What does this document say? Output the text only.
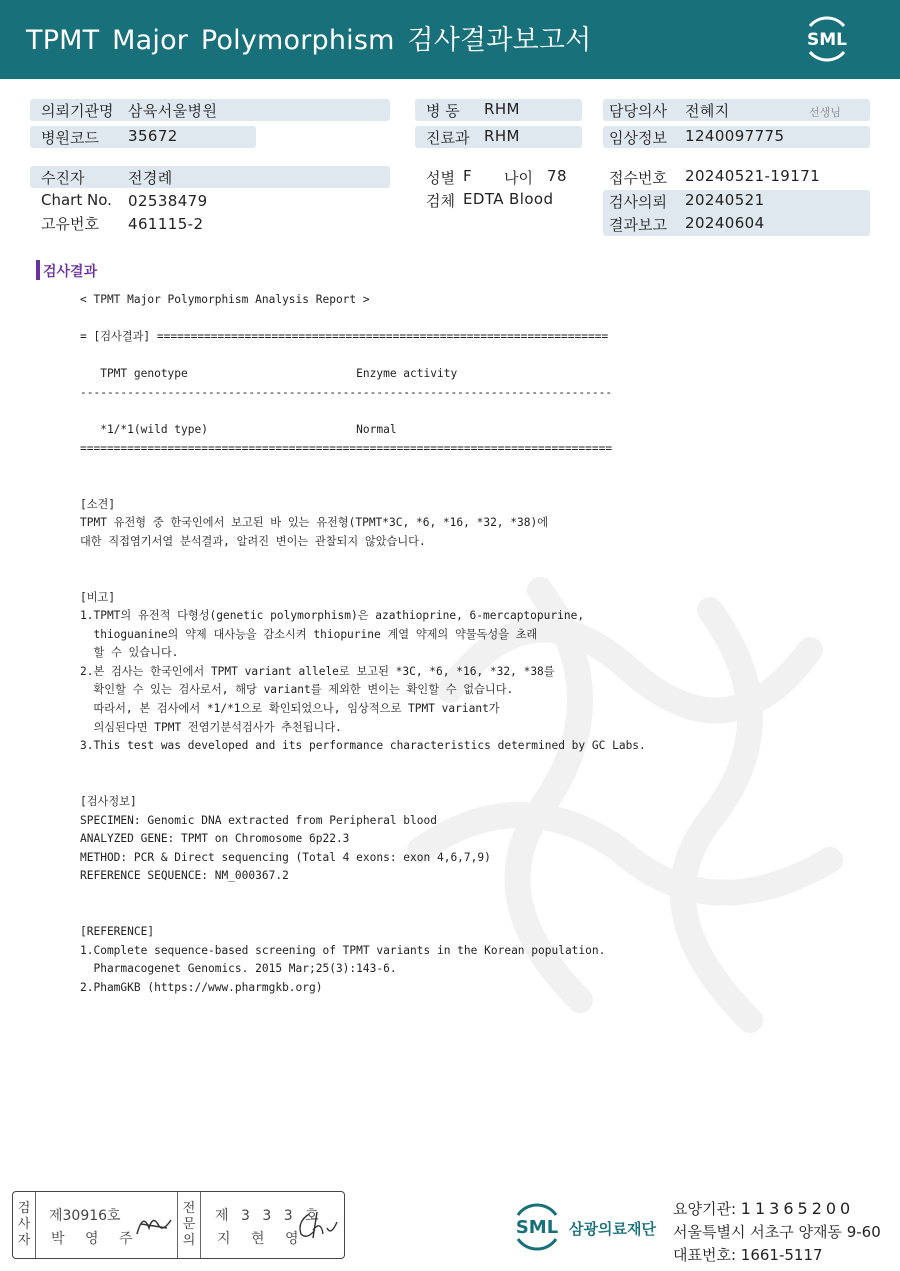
TPMT Major Polymorphism 검사결과보고서	SML
의뢰기관명 삼육서울병원
병원코드 35672
수진자	전경례
Chart No. 02538479
고유번호 461115-2
병 동 RHM
진료과 RHM
성별 F 나이 78
검체 EDTA Blood
담당의사 전혜지	선생님
임상정보 1240097775
접수번호 20240521-19171
검사의뢰 20240521
결과보고 20240604
검사결과
< TPMT Major Polymorphism Analysis Report >

= [검사결과] ===================================================================

TPMT genotype                         Enzyme activity
-------------------------------------------------------------------------------

*1/*1(wild type)                      Normal
===============================================================================

[소견]
TPMT 유전형 중 한국인에서 보고된 바 있는 유전형(TPMT*3C, *6, *16, *32, *38)에
대한 직접염기서열 분석결과, 알려진 변이는 관찰되지 않았습니다.

[비고]
1.TPMT의 유전적 다형성(genetic polymorphism)은 azathioprine, 6-mercaptopurine,
thioguanine의 약제 대사능을 감소시켜 thiopurine 계열 약제의 약물독성을 초래
할 수 있습니다.
2.본 검사는 한국인에서 TPMT variant allele로 보고된 *3C, *6, *16, *32, *38를
확인할 수 있는 검사로서, 해당 variant를 제외한 변이는 확인할 수 없습니다.
따라서, 본 검사에서 *1/*1으로 확인되었으나, 임상적으로 TPMT variant가
의심된다면 TPMT 전염기분석검사가 추천됩니다.
3.This test was developed and its performance characteristics determined by GC Labs.

[검사정보]
SPECIMEN: Genomic DNA extracted from Peripheral blood
ANALYZED GENE: TPMT on Chromosome 6p22.3
METHOD: PCR & Direct sequencing (Total 4 exons: exon 4,6,7,9)
REFERENCE SEQUENCE: NM_000367.2

[REFERENCE]
1.Complete sequence-based screening of TPMT variants in the Korean population.
Pharmacogenet Genomics. 2015 Mar;25(3):143-6.
2.PhamGKB (https://www.pharmgkb.org)
검
사
자
제30916호
박 영 주
전
문
의
제 3 3 3 호
지 현 영
SML 삼광의료재단
요양기관: 11365200
서울특별시 서초구 양재동 9-60
대표번호: 1661-5117
